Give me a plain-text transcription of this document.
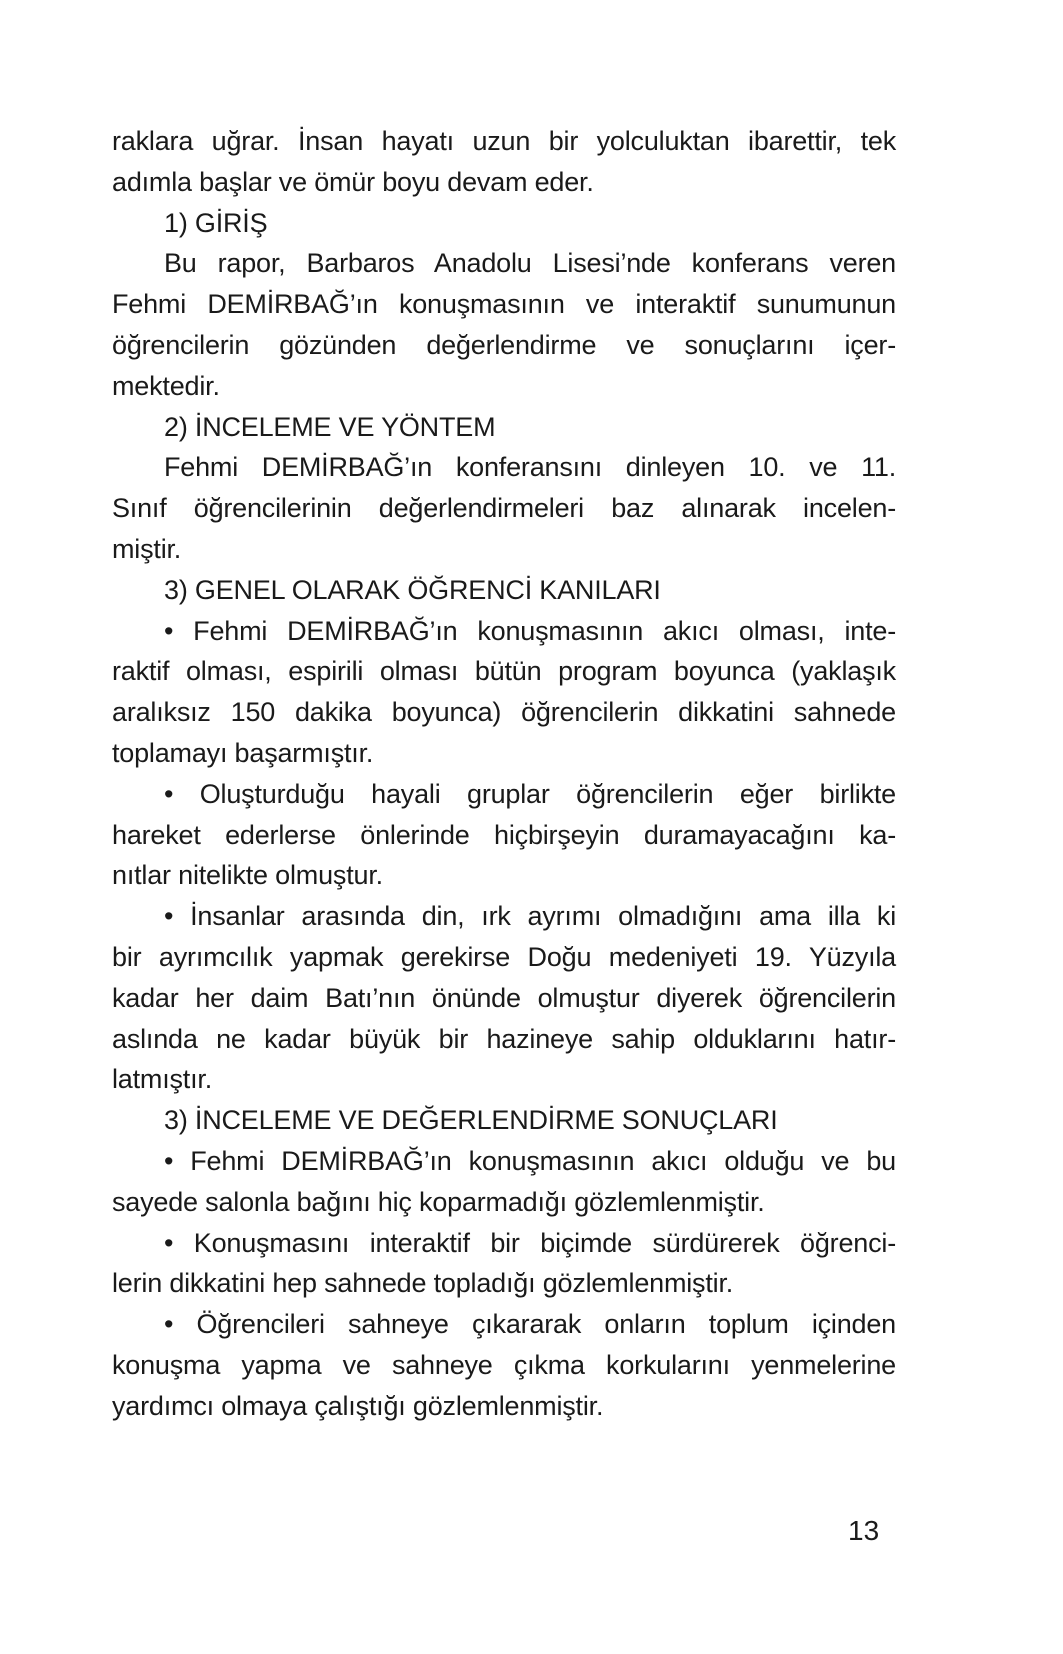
raklara uğrar. İnsan hayatı uzun bir yolculuktan ibarettir, tek
adımla başlar ve ömür boyu devam eder.
1) GİRİŞ
Bu rapor, Barbaros Anadolu Lisesi’nde konferans veren
Fehmi DEMİRBAĞ’ın konuşmasının ve interaktif sunumunun
öğrencilerin gözünden değerlendirme ve sonuçlarını içer-
mektedir.
2) İNCELEME VE YÖNTEM
Fehmi DEMİRBAĞ’ın konferansını dinleyen 10. ve 11.
Sınıf öğrencilerinin değerlendirmeleri baz alınarak incelen-
miştir.
3) GENEL OLARAK ÖĞRENCİ KANILARI
• Fehmi DEMİRBAĞ’ın konuşmasının akıcı olması, inte-
raktif olması, espirili olması bütün program boyunca (yaklaşık
aralıksız 150 dakika boyunca) öğrencilerin dikkatini sahnede
toplamayı başarmıştır.
• Oluşturduğu hayali gruplar öğrencilerin eğer birlikte
hareket ederlerse önlerinde hiçbirşeyin duramayacağını ka-
nıtlar nitelikte olmuştur.
• İnsanlar arasında din, ırk ayrımı olmadığını ama illa ki
bir ayrımcılık yapmak gerekirse Doğu medeniyeti 19. Yüzyıla
kadar her daim Batı’nın önünde olmuştur diyerek öğrencilerin
aslında ne kadar büyük bir hazineye sahip olduklarını hatır-
latmıştır.
3) İNCELEME VE DEĞERLENDİRME SONUÇLARI
• Fehmi DEMİRBAĞ’ın konuşmasının akıcı olduğu ve bu
sayede salonla bağını hiç koparmadığı gözlemlenmiştir.
• Konuşmasını interaktif bir biçimde sürdürerek öğrenci-
lerin dikkatini hep sahnede topladığı gözlemlenmiştir.
• Öğrencileri sahneye çıkararak onların toplum içinden
konuşma yapma ve sahneye çıkma korkularını yenmelerine
yardımcı olmaya çalıştığı gözlemlenmiştir.
13
